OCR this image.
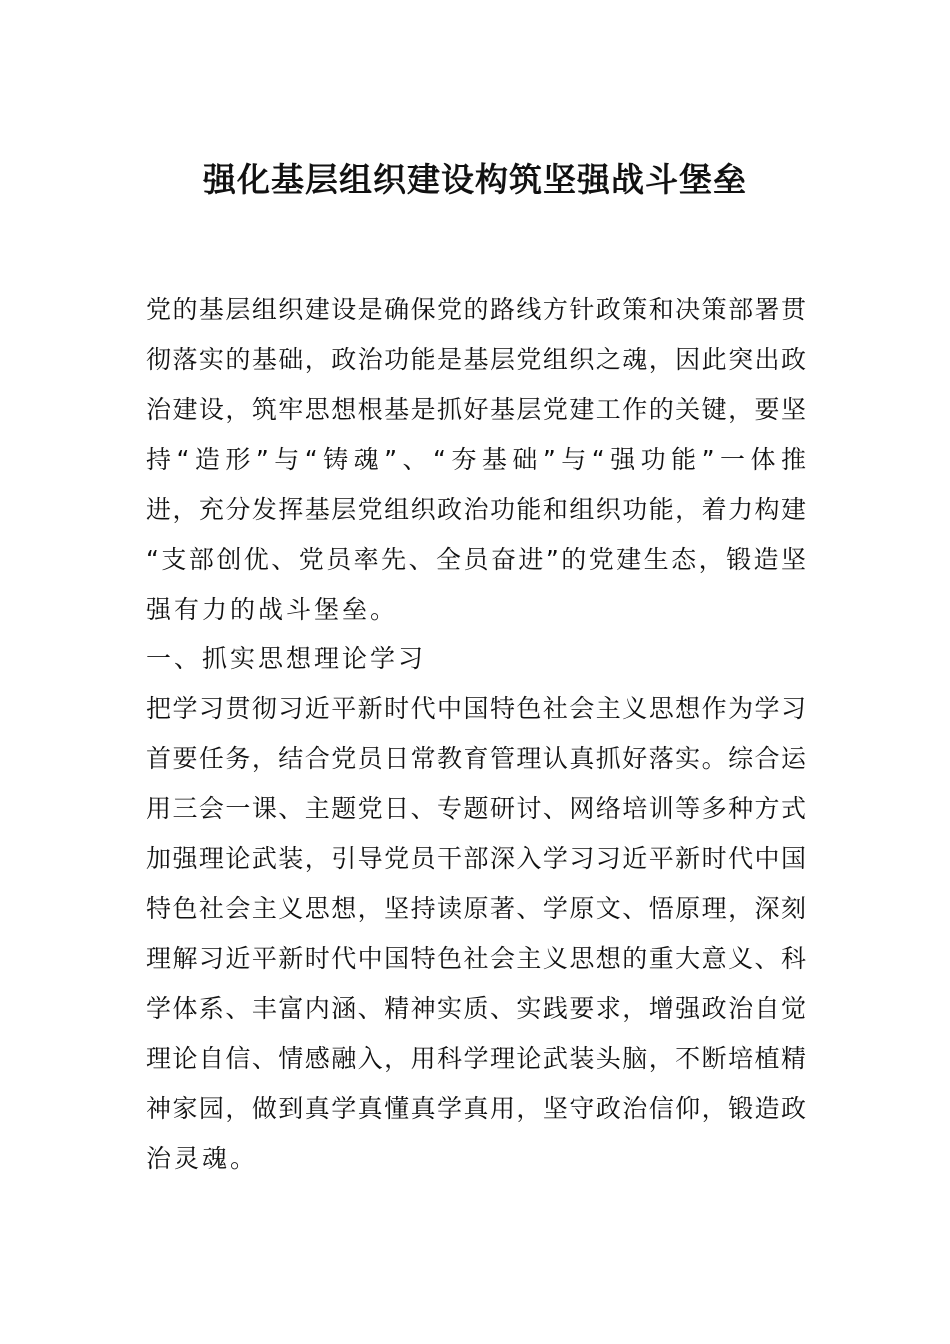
强化基层组织建设构筑坚强战斗堡垒

党的基层组织建设是确保党的路线方针政策和决策部署贯

彻落实的基础，政治功能是基层党组织之魂，因此突出政

治建设，筑牢思想根基是抓好基层党建工作的关键，要坚

持“造形”与“铸魂”、“夯基础”与“强功能”一体推

进，充分发挥基层党组织政治功能和组织功能，着力构建

“支部创优、党员率先、全员奋进”的党建生态，锻造坚

强有力的战斗堡垒。

一、抓实思想理论学习

把学习贯彻习近平新时代中国特色社会主义思想作为学习

首要任务，结合党员日常教育管理认真抓好落实。综合运

用三会一课、主题党日、专题研讨、网络培训等多种方式

加强理论武装，引导党员干部深入学习习近平新时代中国

特色社会主义思想，坚持读原著、学原文、悟原理，深刻

理解习近平新时代中国特色社会主义思想的重大意义、科

学体系、丰富内涵、精神实质、实践要求，增强政治自觉

理论自信、情感融入，用科学理论武装头脑，不断培植精

神家园，做到真学真懂真学真用，坚守政治信仰，锻造政

治灵魂。
